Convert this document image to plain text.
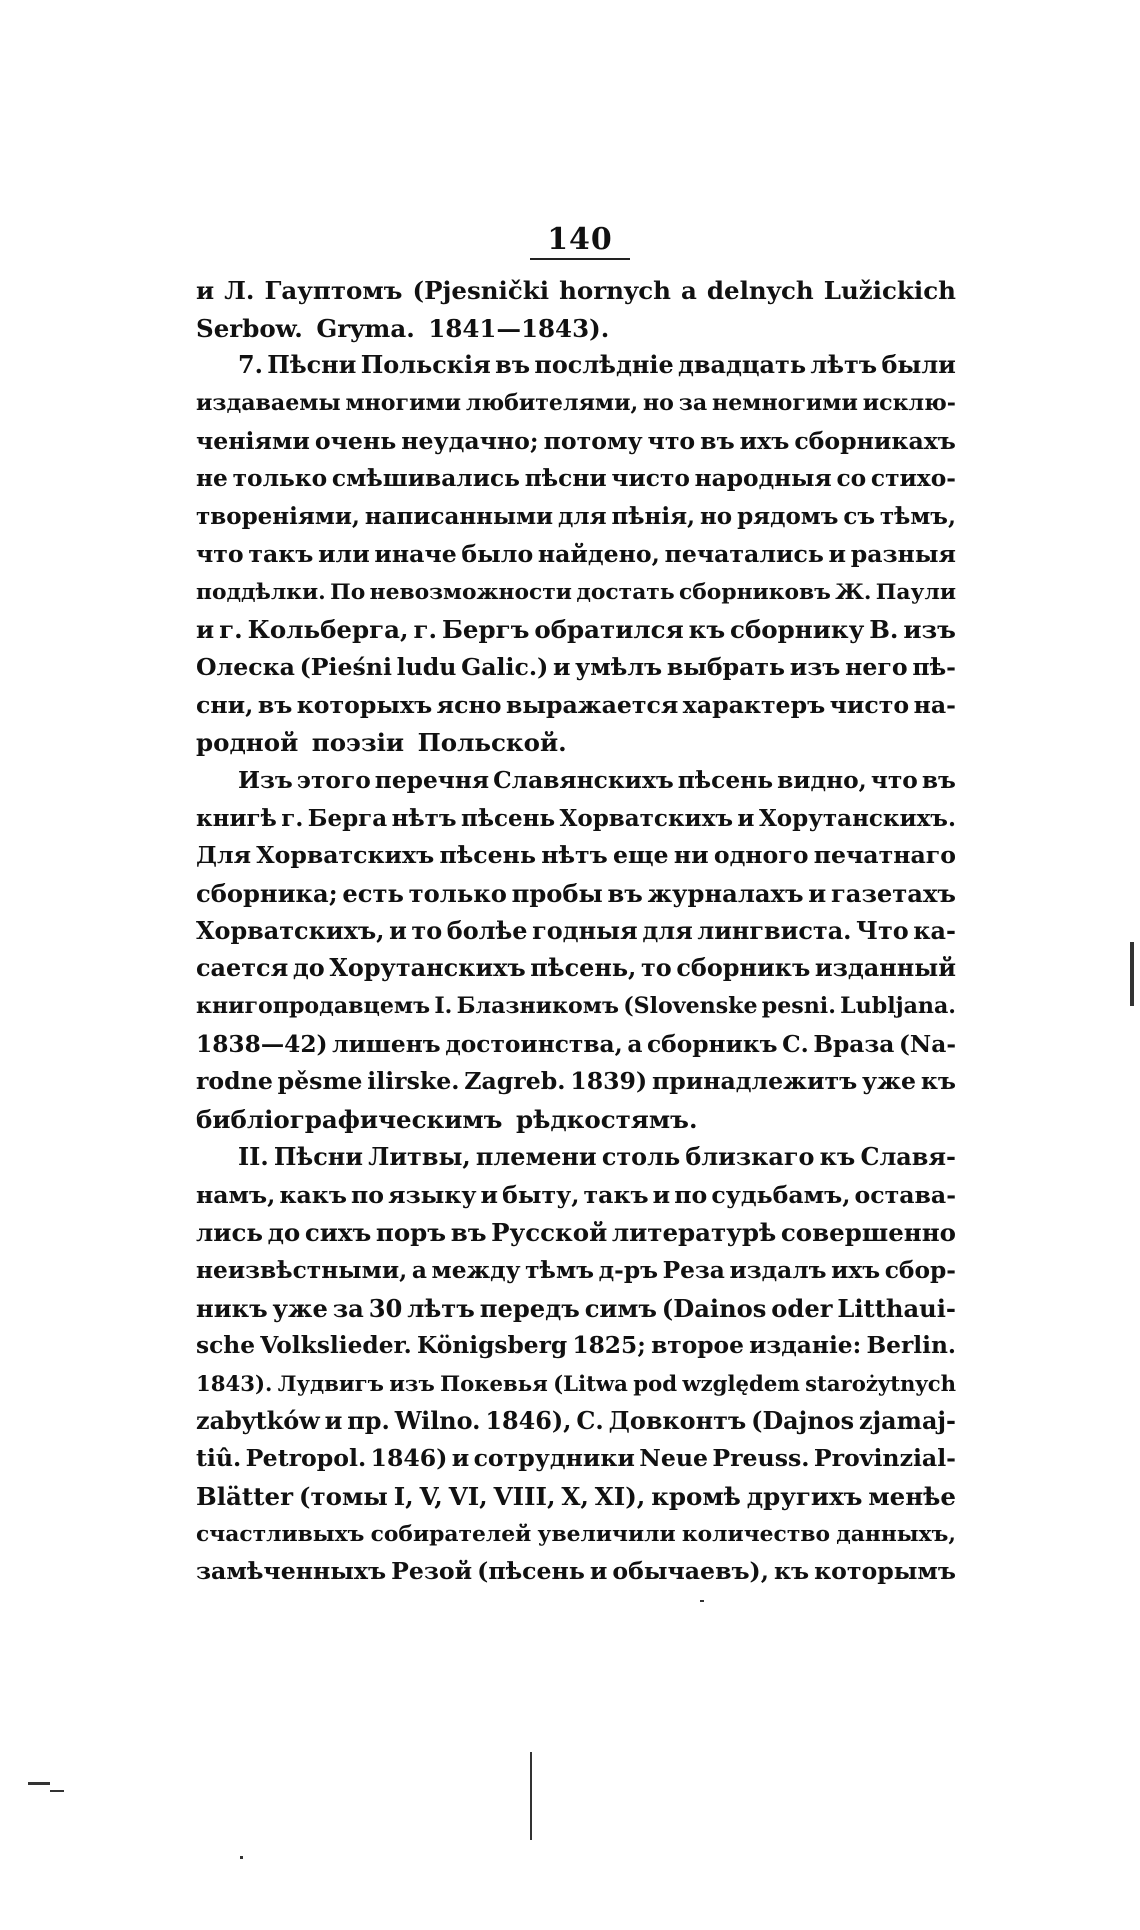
140
и Л. Гауптомъ (Pjesnički hornych a delnych Lužickich
Serbow. Gryma. 1841—1843).
7. Пѣсни Польскія въ послѣдніе двадцать лѣтъ были
издаваемы многими любителями, но за немногими исклю-
ченіями очень неудачно; потому что въ ихъ сборникахъ
не только смѣшивались пѣсни чисто народныя со стихо-
твореніями, написанными для пѣнія, но рядомъ съ тѣмъ,
что такъ или иначе было найдено, печатались и разныя
поддѣлки. По невозможности достать сборниковъ Ж. Паули
и г. Кольберга, г. Бергъ обратился къ сборнику В. изъ
Олеска (Pieśni ludu Galic.) и умѣлъ выбрать изъ него пѣ-
сни, въ которыхъ ясно выражается характеръ чисто на-
родной поэзіи Польской.
Изъ этого перечня Славянскихъ пѣсень видно, что въ
книгѣ г. Берга нѣтъ пѣсень Хорватскихъ и Хорутанскихъ.
Для Хорватскихъ пѣсень нѣтъ еще ни одного печатнаго
сборника; есть только пробы въ журналахъ и газетахъ
Хорватскихъ, и то болѣе годныя для лингвиста. Что ка-
сается до Хорутанскихъ пѣсень, то сборникъ изданный
книгопродавцемъ І. Блазникомъ (Slovenske pesni. Lubljana.
1838—42) лишенъ достоинства, а сборникъ С. Враза (Na-
rodne pěsme ilirske. Zagreb. 1839) принадлежитъ уже къ
библіографическимъ рѣдкостямъ.
II. Пѣсни Литвы, племени столь близкаго къ Славя-
намъ, какъ по языку и быту, такъ и по судьбамъ, остава-
лись до сихъ поръ въ Русской литературѣ совершенно
неизвѣстными, а между тѣмъ д-ръ Реза издалъ ихъ сбор-
никъ уже за 30 лѣтъ передъ симъ (Dainos oder Litthaui-
sche Volkslieder. Königsberg 1825; второе изданіе: Berlin.
1843). Лудвигъ изъ Покевья (Litwa pod względem starożytnych
zabytków и пр. Wilno. 1846), С. Довконтъ (Dajnos zjamaj-
tiû. Petropol. 1846) и сотрудники Neue Preuss. Provinzial-
Blätter (томы I, V, VI, VIII, X, XI), кромѣ другихъ менѣе
счастливыхъ собирателей увеличили количество данныхъ,
замѣченныхъ Резой (пѣсень и обычаевъ), къ которымъ
